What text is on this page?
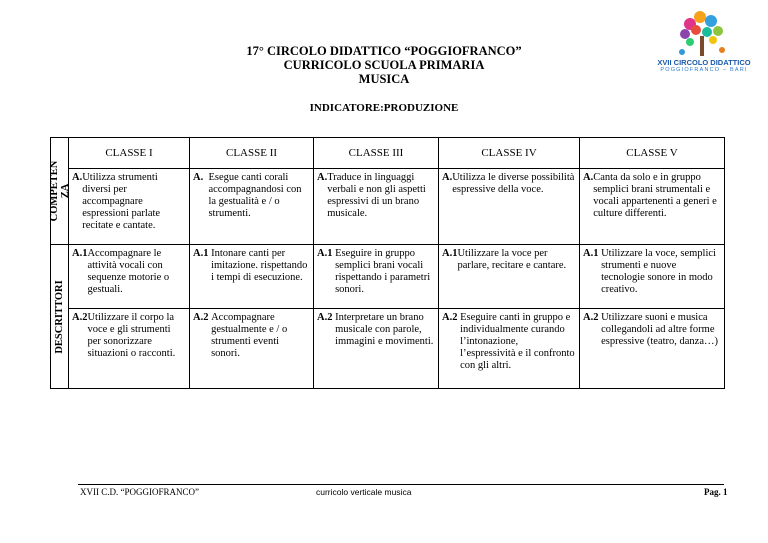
17° CIRCOLO DIDATTICO “POGGIOFRANCO”
CURRICOLO SCUOLA PRIMARIA
MUSICA
INDICATORE:PRODUZIONE
XVII CIRCOLO DIDATTICO
POGGIOFRANCO – BARI
COMPETEN
ZA	CLASSE I	CLASSE II	CLASSE III	CLASSE IV	CLASSE V

	A. Utilizza strumenti diversi per accompagnare espressioni parlate recitate e cantate.	A. Esegue canti corali accompagnandosi con la gestualità e / o strumenti.	A. Traduce in linguaggi verbali e non gli aspetti espressivi di un brano musicale.	A. Utilizza le diverse possibilità espressive della voce.	A. Canta da solo e in gruppo semplici brani strumentali e vocali appartenenti a generi e culture differenti.

DESCRITTORI	A.1 Accompagnare le attività vocali con sequenze motorie o gestuali.	A.1 Intonare canti per imitazione. rispettando i tempi di esecuzione.	A.1 Eseguire in gruppo semplici brani vocali rispettando i parametri sonori.	A.1 Utilizzare la voce per parlare, recitare e cantare.	A.1 Utilizzare la voce, semplici strumenti e nuove tecnologie sonore in modo creativo.

	A.2 Utilizzare il corpo la voce e gli strumenti per sonorizzare situazioni o racconti.	A.2 Accompagnare gestualmente e / o strumenti eventi sonori.	A.2 Interpretare un brano musicale con parole, immagini e movimenti.	A.2 Eseguire canti in gruppo e individualmente curando l’intonazione, l’espressività e il confronto con gli altri.	A.2 Utilizzare suoni e musica collegandoli ad altre forme espressive (teatro, danza…)
XVII C.D. “POGGIOFRANCO”	curricolo verticale musica	Pag. 1
